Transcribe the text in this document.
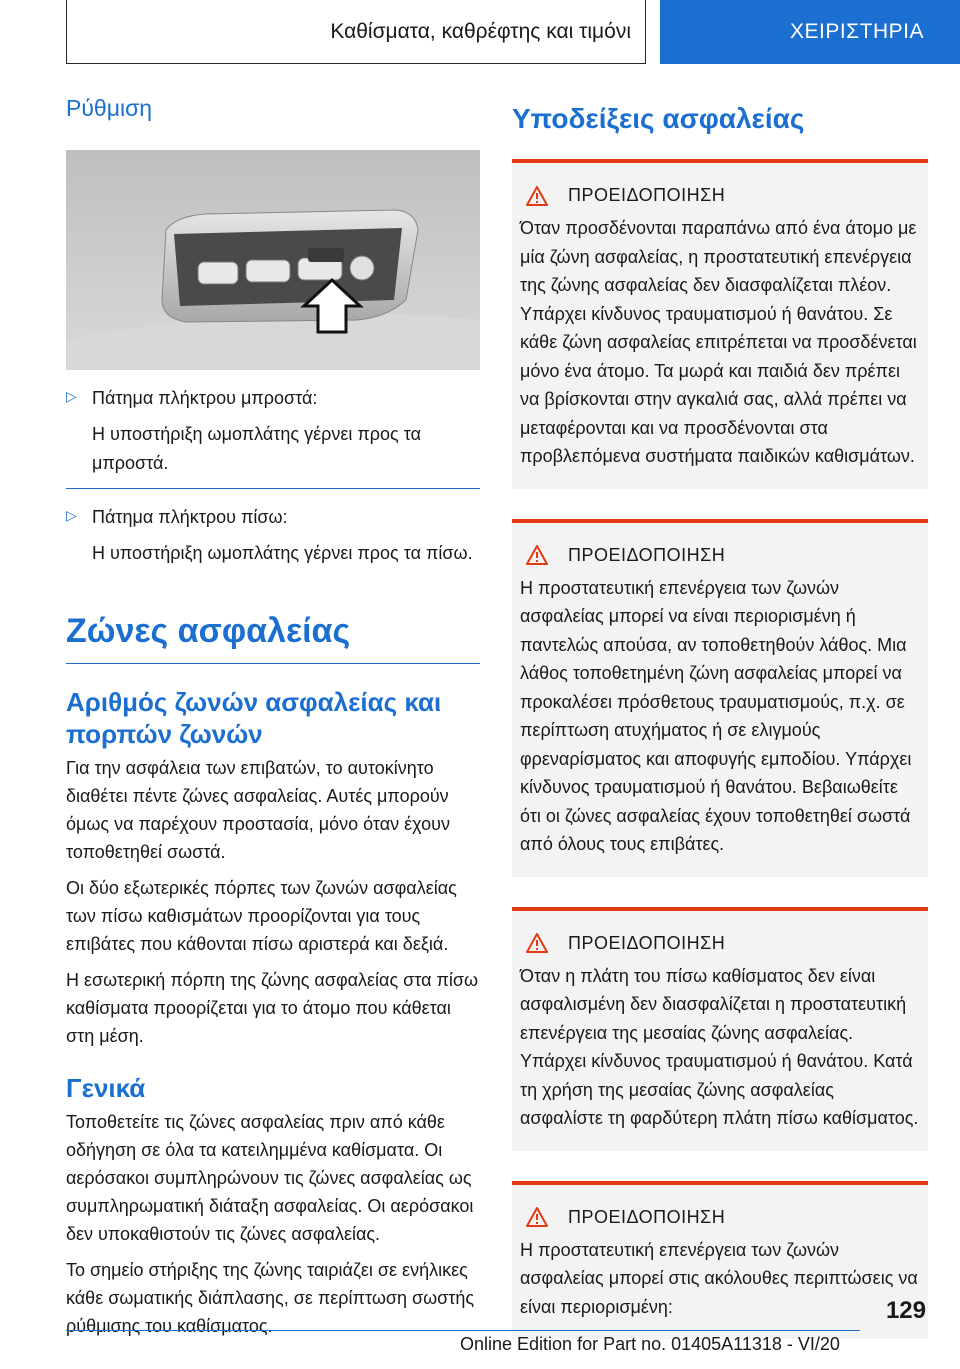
Καθίσματα, καθρέφτης και τιμόνι	ΧΕΙΡΙΣΤΗΡΙΑ
Ρύθμιση
▷ Πάτημα πλήκτρου μπροστά:
Η υποστήριξη ωμοπλάτης γέρνει προς τα μπροστά.
▷ Πάτημα πλήκτρου πίσω:
Η υποστήριξη ωμοπλάτης γέρνει προς τα πίσω.
Ζώνες ασφαλείας
Αριθμός ζωνών ασφαλείας και πορπών ζωνών

Για την ασφάλεια των επιβατών, το αυτοκίνητο διαθέτει πέντε ζώνες ασφαλείας. Αυτές μπορούν όμως να παρέχουν προστασία, μόνο όταν έχουν τοποθετηθεί σωστά.

Οι δύο εξωτερικές πόρπες των ζωνών ασφαλείας των πίσω καθισμάτων προορίζονται για τους επιβάτες που κάθονται πίσω αριστερά και δεξιά.

Η εσωτερική πόρπη της ζώνης ασφαλείας στα πίσω καθίσματα προορίζεται για το άτομο που κάθεται στη μέση.

Γενικά

Τοποθετείτε τις ζώνες ασφαλείας πριν από κάθε οδήγηση σε όλα τα κατειλημμένα καθίσματα. Οι αερόσακοι συμπληρώνουν τις ζώνες ασφαλείας ως συμπληρωματική διάταξη ασφαλείας. Οι αερόσακοι δεν υποκαθιστούν τις ζώνες ασφαλείας.

Το σημείο στήριξης της ζώνης ταιριάζει σε ενήλικες κάθε σωματικής διάπλασης, σε περίπτωση σωστής ρύθμισης του καθίσματος.

Υποδείξεις ασφαλείας
ΠΡΟΕΙΔΟΠΟΙΗΣΗ
Όταν προσδένονται παραπάνω από ένα άτομο με μία ζώνη ασφαλείας, η προστατευτική επενέργεια της ζώνης ασφαλείας δεν διασφαλίζεται πλέον. Υπάρχει κίνδυνος τραυματισμού ή θανάτου. Σε κάθε ζώνη ασφαλείας επιτρέπεται να προσδένεται μόνο ένα άτομο. Τα μωρά και παιδιά δεν πρέπει να βρίσκονται στην αγκαλιά σας, αλλά πρέπει να μεταφέρονται και να προσδένονται στα προβλεπόμενα συστήματα παιδικών καθισμάτων.
ΠΡΟΕΙΔΟΠΟΙΗΣΗ
Η προστατευτική επενέργεια των ζωνών ασφαλείας μπορεί να είναι περιορισμένη ή παντελώς απούσα, αν τοποθετηθούν λάθος. Μια λάθος τοποθετημένη ζώνη ασφαλείας μπορεί να προκαλέσει πρόσθετους τραυματισμούς, π.χ. σε περίπτωση ατυχήματος ή σε ελιγμούς φρεναρίσματος και αποφυγής εμποδίου. Υπάρχει κίνδυνος τραυματισμού ή θανάτου. Βεβαιωθείτε ότι οι ζώνες ασφαλείας έχουν τοποθετηθεί σωστά από όλους τους επιβάτες.
ΠΡΟΕΙΔΟΠΟΙΗΣΗ
Όταν η πλάτη του πίσω καθίσματος δεν είναι ασφαλισμένη δεν διασφαλίζεται η προστατευτική επενέργεια της μεσαίας ζώνης ασφαλείας. Υπάρχει κίνδυνος τραυματισμού ή θανάτου. Κατά τη χρήση της μεσαίας ζώνης ασφαλείας ασφαλίστε τη φαρδύτερη πλάτη πίσω καθίσματος.
ΠΡΟΕΙΔΟΠΟΙΗΣΗ
Η προστατευτική επενέργεια των ζωνών ασφαλείας μπορεί στις ακόλουθες περιπτώσεις να είναι περιορισμένη:	129
Online Edition for Part no. 01405A11318 - VI/20
